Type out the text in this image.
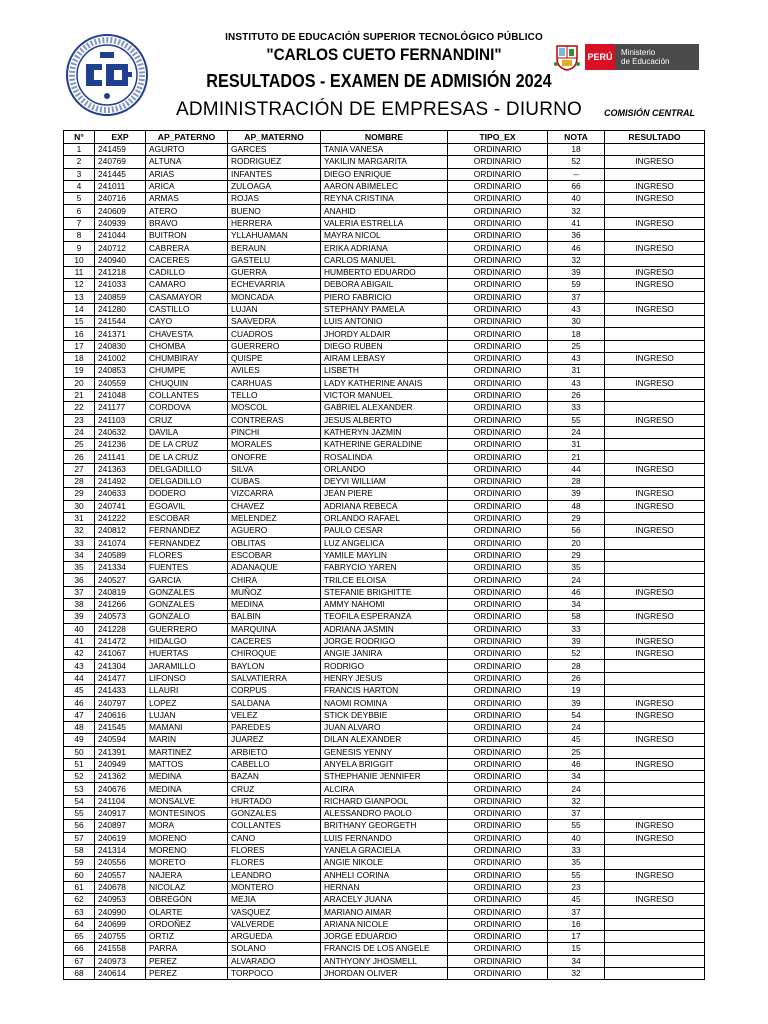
INSTITUTO DE EDUCACIÓN SUPERIOR TECNOLÓGICO PÚBLICO
"CARLOS CUETO FERNANDINI"
RESULTADOS - EXAMEN DE ADMISIÓN 2024
ADMINISTRACIÓN DE EMPRESAS - DIURNO COMISIÓN CENTRAL
PERÚ	Ministerio
de Educación
N°	EXP	AP_PATERNO	AP_MATERNO	NOMBRE	TIPO_EX	NOTA	RESULTADO
1	241459	AGURTO	GARCES	TANIA VANESA	ORDINARIO	18	
2	240769	ALTUNA	RODRIGUEZ	YAKILIN MARGARITA	ORDINARIO	52	INGRESO
3	241445	ARIAS	INFANTES	DIEGO ENRIQUE	ORDINARIO	--	
4	241011	ARICA	ZULOAGA	AARON ABIMELEC	ORDINARIO	66	INGRESO
5	240716	ARMAS	ROJAS	REYNA CRISTINA	ORDINARIO	40	INGRESO
6	240609	ATERO	BUENO	ANAHID	ORDINARIO	32	
7	240939	BRAVO	HERRERA	VALERIA ESTRELLA	ORDINARIO	41	INGRESO
8	241044	BUITRON	YLLAHUAMAN	MAYRA NICOL	ORDINARIO	36	
9	240712	CABRERA	BERAUN	ERIKA ADRIANA	ORDINARIO	46	INGRESO
10	240940	CACERES	GASTELU	CARLOS MANUEL	ORDINARIO	32	
11	241218	CADILLO	GUERRA	HUMBERTO EDUARDO	ORDINARIO	39	INGRESO
12	241033	CAMARO	ECHEVARRIA	DEBORA ABIGAIL	ORDINARIO	59	INGRESO
13	240859	CASAMAYOR	MONCADA	PIERO FABRICIO	ORDINARIO	37	
14	241280	CASTILLO	LUJAN	STEPHANY PAMELA	ORDINARIO	43	INGRESO
15	241544	CAYO	SAAVEDRA	LUIS ANTONIO	ORDINARIO	30	
16	241371	CHAVESTA	CUADROS	JHORDY ALDAIR	ORDINARIO	18	
17	240830	CHOMBA	GUERRERO	DIEGO RUBEN	ORDINARIO	25	
18	241002	CHUMBIRAY	QUISPE	AIRAM LEBASY	ORDINARIO	43	INGRESO
19	240853	CHUMPE	AVILES	LISBETH	ORDINARIO	31	
20	240559	CHUQUIN	CARHUAS	LADY KATHERINE ANAIS	ORDINARIO	43	INGRESO
21	241048	COLLANTES	TELLO	VICTOR MANUEL	ORDINARIO	26	
22	241177	CORDOVA	MOSCOL	GABRIEL ALEXANDER	ORDINARIO	33	
23	241103	CRUZ	CONTRERAS	JESUS ALBERTO	ORDINARIO	55	INGRESO
24	240632	DAVILA	PINCHI	KATHERYN JAZMIN	ORDINARIO	24	
25	241236	DE LA CRUZ	MORALES	KATHERINE GERALDINE	ORDINARIO	31	
26	241141	DE LA CRUZ	ONOFRE	ROSALINDA	ORDINARIO	21	
27	241363	DELGADILLO	SILVA	ORLANDO	ORDINARIO	44	INGRESO
28	241492	DELGADILLO	CUBAS	DEYVI WILLIAM	ORDINARIO	28	
29	240633	DODERO	VIZCARRA	JEAN PIERE	ORDINARIO	39	INGRESO
30	240741	EGOAVIL	CHAVEZ	ADRIANA REBECA	ORDINARIO	48	INGRESO
31	241222	ESCOBAR	MELENDEZ	ORLANDO RAFAEL	ORDINARIO	29	
32	240812	FERNANDEZ	AGUERO	PAULO CESAR	ORDINARIO	56	INGRESO
33	241074	FERNANDEZ	OBLITAS	LUZ ANGELICA	ORDINARIO	20	
34	240589	FLORES	ESCOBAR	YAMILE MAYLIN	ORDINARIO	29	
35	241334	FUENTES	ADANAQUE	FABRYCIO YAREN	ORDINARIO	35	
36	240527	GARCIA	CHIRA	TRILCE ELOISA	ORDINARIO	24	
37	240819	GONZALES	MUÑOZ	STEFANIE BRIGHITTE	ORDINARIO	46	INGRESO
38	241266	GONZALES	MEDINA	AMMY NAHOMI	ORDINARIO	34	
39	240573	GONZALO	BALBIN	TEOFILA ESPERANZA	ORDINARIO	58	INGRESO
40	241228	GUERRERO	MARQUINA	ADRIANA JASMIN	ORDINARIO	33	
41	241472	HIDALGO	CACERES	JORGE RODRIGO	ORDINARIO	39	INGRESO
42	241067	HUERTAS	CHIROQUE	ANGIE JANIRA	ORDINARIO	52	INGRESO
43	241304	JARAMILLO	BAYLON	RODRIGO	ORDINARIO	28	
44	241477	LIFONSO	SALVATIERRA	HENRY JESUS	ORDINARIO	26	
45	241433	LLAURI	CORPUS	FRANCIS HARTON	ORDINARIO	19	
46	240797	LOPEZ	SALDANA	NAOMI ROMINA	ORDINARIO	39	INGRESO
47	240616	LUJAN	VELEZ	STICK DEYBBIE	ORDINARIO	54	INGRESO
48	241545	MAMANI	PAREDES	JUAN ALVARO	ORDINARIO	24	
49	240594	MARIN	JUAREZ	DILAN ALEXANDER	ORDINARIO	45	INGRESO
50	241391	MARTINEZ	ARBIETO	GENESIS YENNY	ORDINARIO	25	
51	240949	MATTOS	CABELLO	ANYELA BRIGGIT	ORDINARIO	46	INGRESO
52	241362	MEDINA	BAZAN	STHEPHANIE JENNIFER	ORDINARIO	34	
53	240676	MEDINA	CRUZ	ALCIRA	ORDINARIO	24	
54	241104	MONSALVE	HURTADO	RICHARD GIANPOOL	ORDINARIO	32	
55	240917	MONTESINOS	GONZALES	ALESSANDRO PAOLO	ORDINARIO	37	
56	240897	MORA	COLLANTES	BRITHANY GEORGETH	ORDINARIO	55	INGRESO
57	240619	MORENO	CANO	LUIS FERNANDO	ORDINARIO	40	INGRESO
58	241314	MORENO	FLORES	YANELA GRACIELA	ORDINARIO	33	
59	240556	MORETO	FLORES	ANGIE NIKOLE	ORDINARIO	35	
60	240557	NAJERA	LEANDRO	ANHELI CORINA	ORDINARIO	55	INGRESO
61	240678	NICOLAZ	MONTERO	HERNAN	ORDINARIO	23	
62	240953	OBREGÓN	MEJIA	ARACELY JUANA	ORDINARIO	45	INGRESO
63	240990	OLARTE	VASQUEZ	MARIANO AIMAR	ORDINARIO	37	
64	240699	ORDOÑEZ	VALVERDE	ARIANA NICOLE	ORDINARIO	16	
65	240755	ORTIZ	ARGUEDA	JORGE EDUARDO	ORDINARIO	17	
66	241558	PARRA	SOLANO	FRANCIS DE LOS ANGELE	ORDINARIO	15	
67	240973	PEREZ	ALVARADO	ANTHYONY JHOSMELL	ORDINARIO	34	
68	240614	PEREZ	TORPOCO	JHORDAN OLIVER	ORDINARIO	32	
